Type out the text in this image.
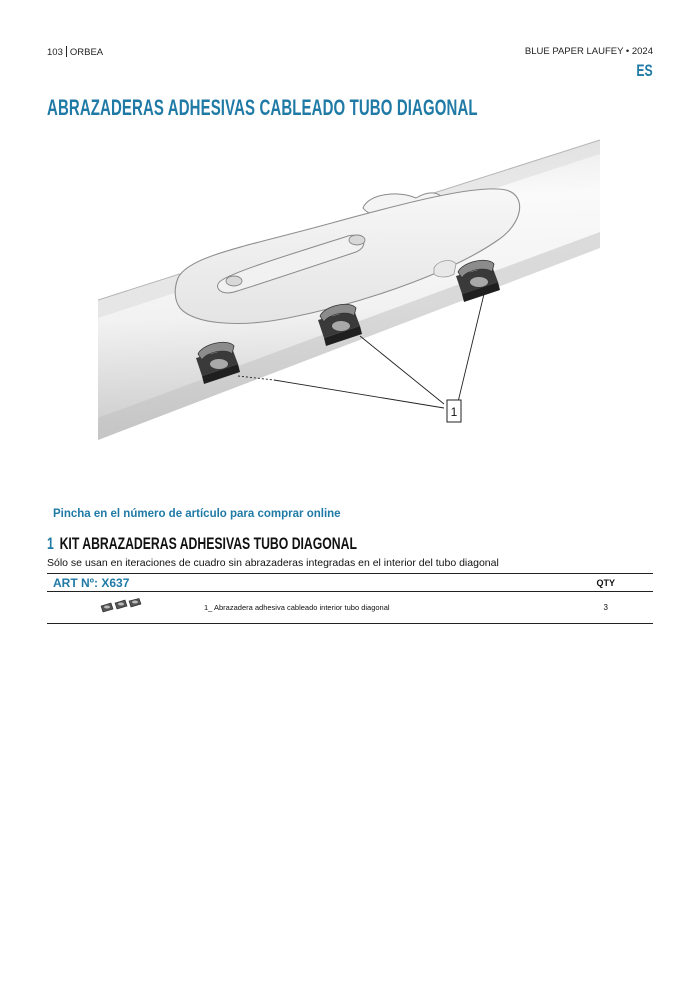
103 ORBEA	BLUE PAPER LAUFEY • 2024
ES
ABRAZADERAS ADHESIVAS CABLEADO TUBO DIAGONAL
1
Pincha en el número de artículo para comprar online
1 KIT ABRAZADERAS ADHESIVAS TUBO DIAGONAL
Sólo se usan en iteraciones de cuadro sin abrazaderas integradas en el interior del tubo diagonal
ART Nº: X637	QTY
1_ Abrazadera adhesiva cableado interior tubo diagonal	3
